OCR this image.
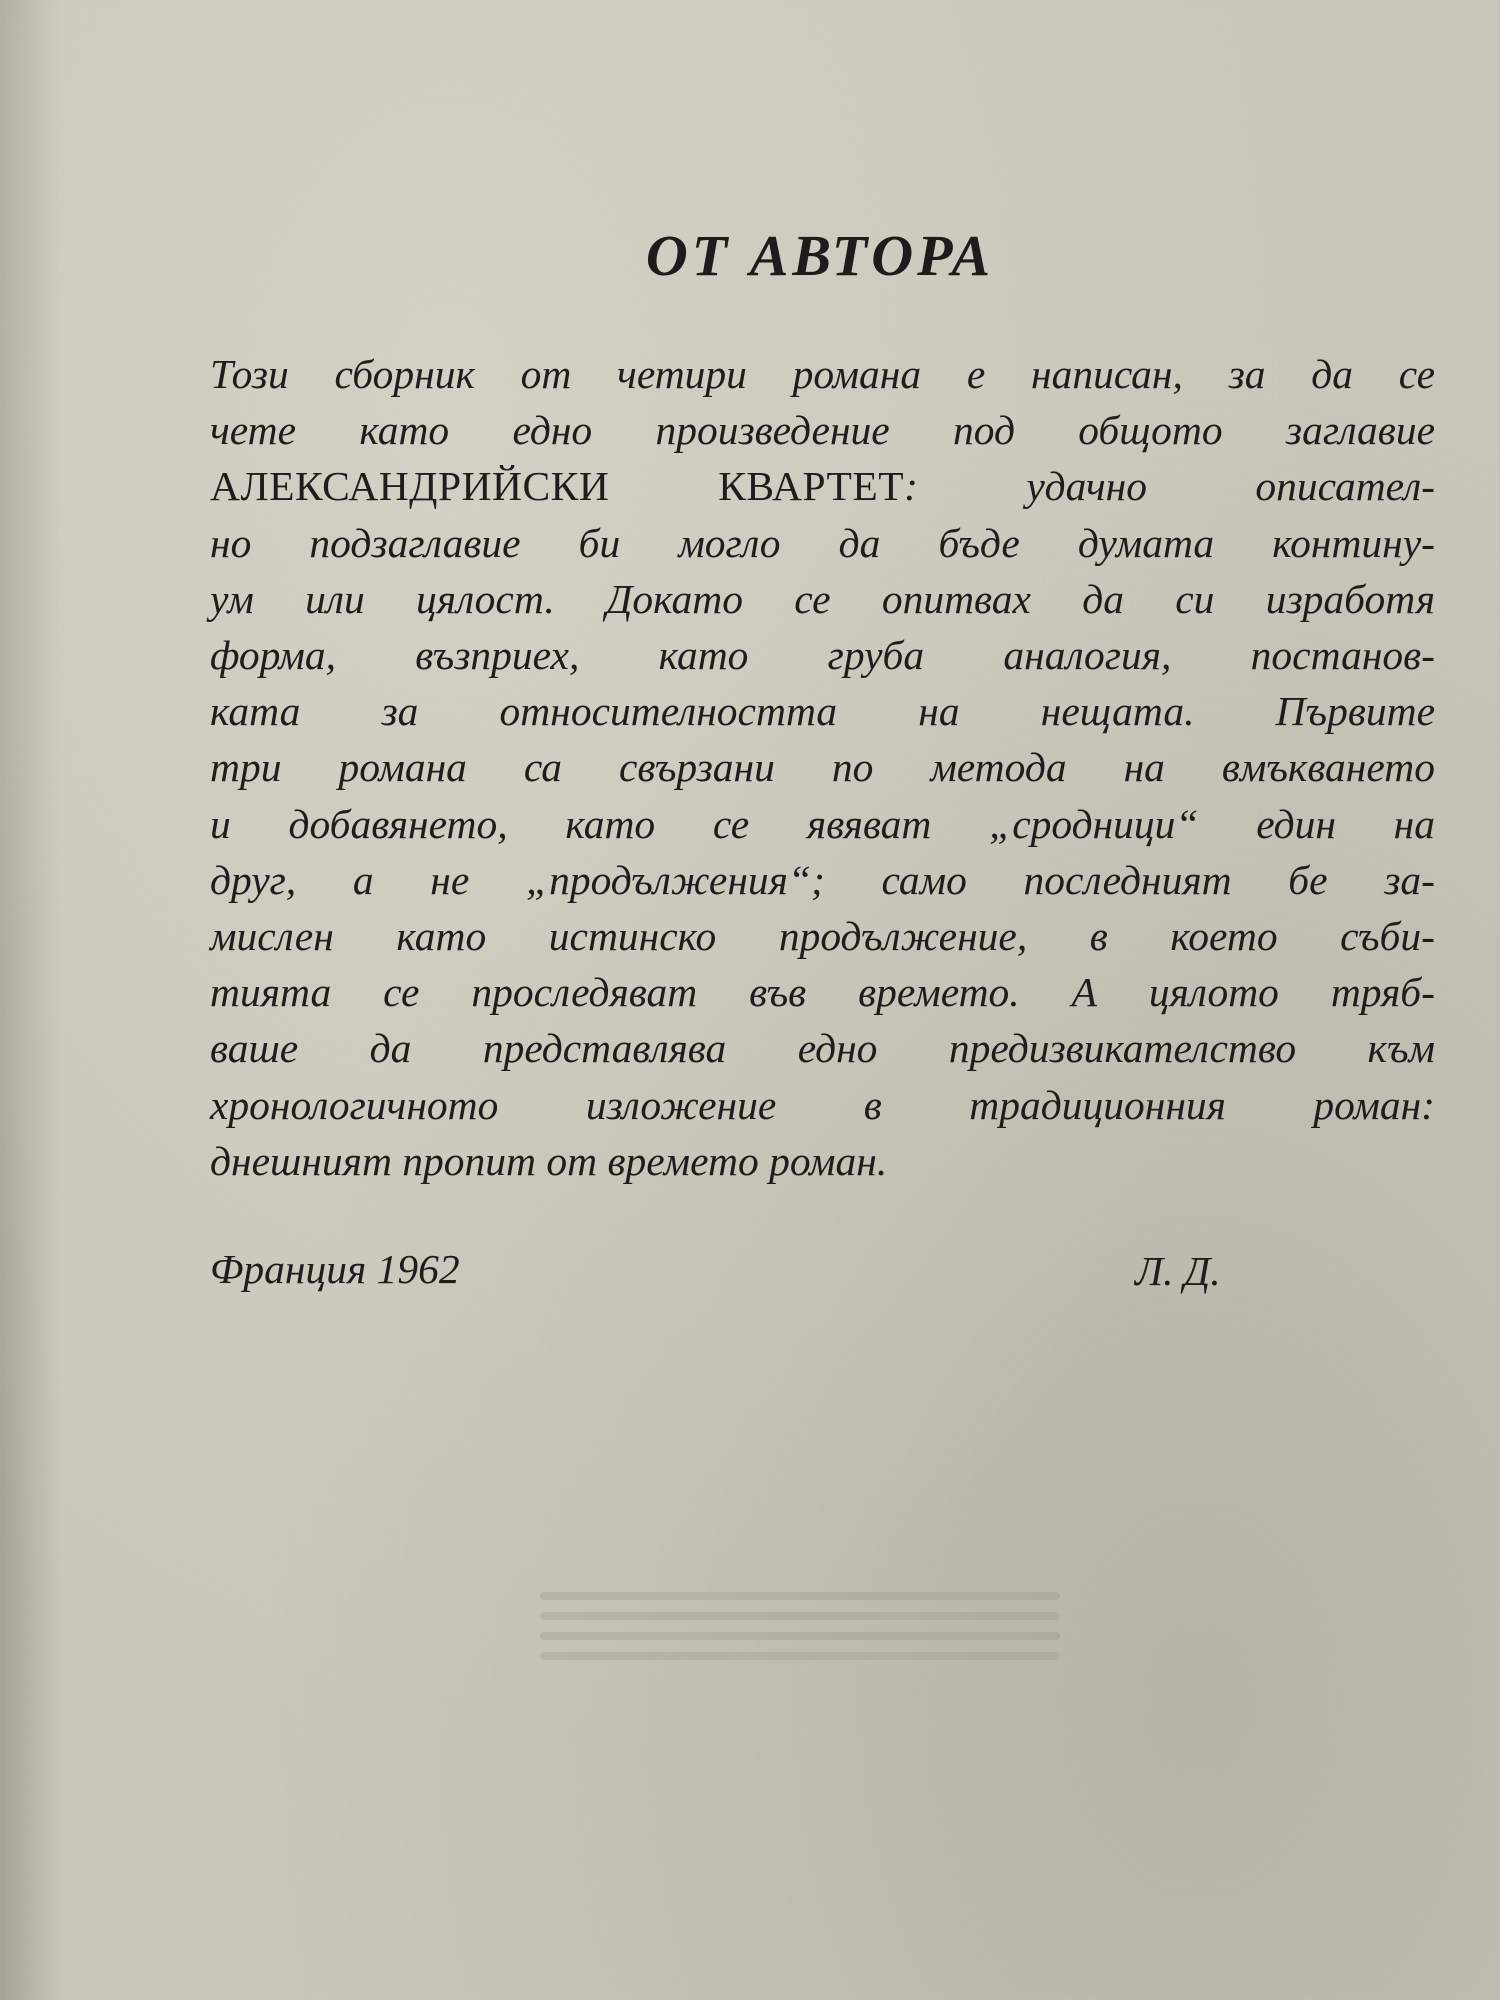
ОТ АВТОРА
Този сборник от четири романа е написан, за да се
чете като едно произведение под общото заглавие
АЛЕКСАНДРИЙСКИ КВАРТЕТ: удачно описател-
но подзаглавие би могло да бъде думата контину-
ум или цялост. Докато се опитвах да си изработя
форма, възприех, като груба аналогия, постанов-
ката за относителността на нещата. Първите
три романа са свързани по метода на вмъкването
и добавянето, като се явяват „сродници“ един на
друг, а не „продължения“; само последният бе за-
мислен като истинско продължение, в което съби-
тията се проследяват във времето. А цялото тряб-
ваше да представлява едно предизвикателство към
хронологичното изложение в традиционния роман:
днешният пропит от времето роман.
Франция 1962	Л. Д.
